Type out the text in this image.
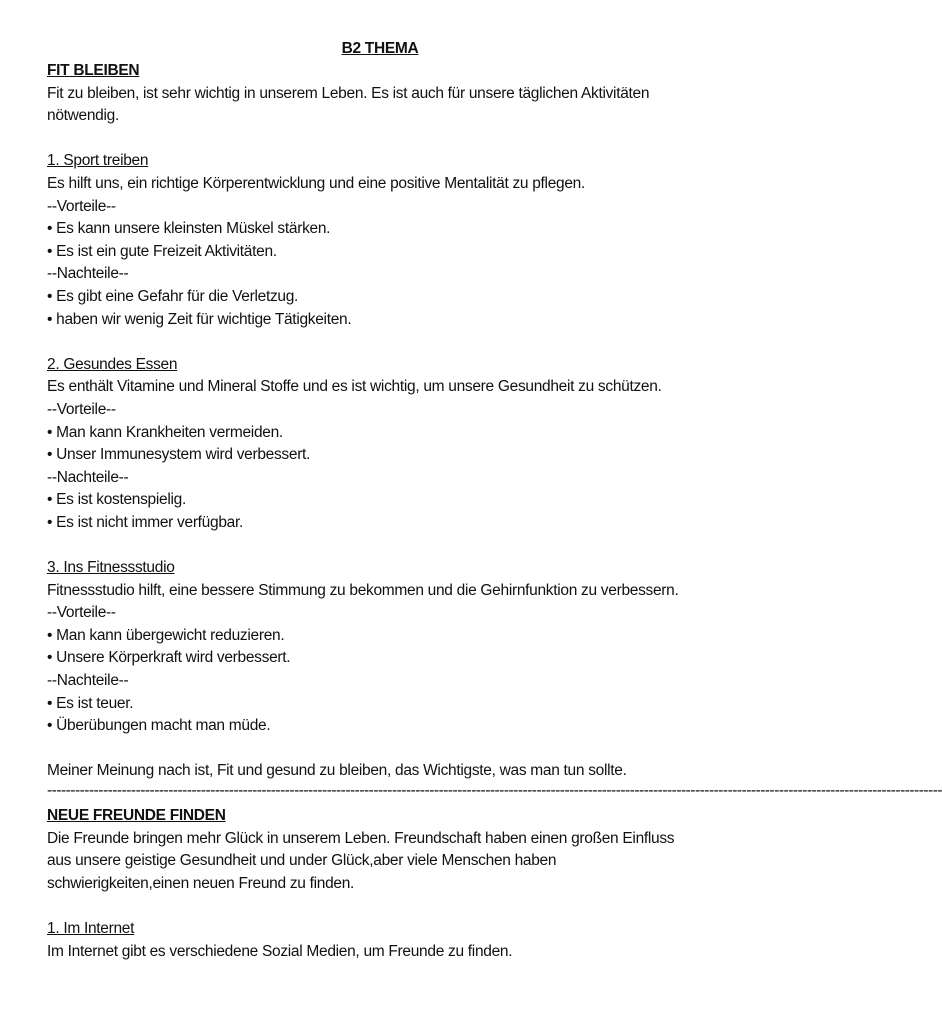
B2 THEMA
FIT BLEIBEN
Fit zu bleiben, ist sehr wichtig in unserem Leben. Es ist auch für unsere täglichen Aktivitäten
nötwendig.
1. Sport treiben
Es hilft uns, ein richtige Körperentwicklung und eine positive Mentalität zu pflegen.
--Vorteile--
• Es kann unsere kleinsten Müskel stärken.
• Es ist ein gute Freizeit Aktivitäten.
--Nachteile--
• Es gibt eine Gefahr für die Verletzug.
• haben wir wenig Zeit für wichtige Tätigkeiten.
2. Gesundes Essen
Es enthält Vitamine und Mineral Stoffe und es ist wichtig, um unsere Gesundheit zu schützen.
--Vorteile--
• Man kann Krankheiten vermeiden.
• Unser Immunesystem wird verbessert.
--Nachteile--
• Es ist kostenspielig.
• Es ist nicht immer verfügbar.
3. Ins Fitnessstudio
Fitnessstudio hilft, eine bessere Stimmung zu bekommen und die Gehirnfunktion zu verbessern.
--Vorteile--
• Man kann übergewicht reduzieren.
• Unsere Körperkraft wird verbessert.
--Nachteile--
• Es ist teuer.
• Überübungen macht man müde.
Meiner Meinung nach ist, Fit und gesund zu bleiben, das Wichtigste, was man tun sollte.
------------------------------------------------------------------------------------------------------------------------------------------------------------------------------------------------
NEUE FREUNDE FINDEN
Die Freunde bringen mehr Glück in unserem Leben. Freundschaft haben einen großen Einfluss
aus unsere geistige Gesundheit und under Glück,aber viele Menschen haben
schwierigkeiten,einen neuen Freund zu finden.
1. Im Internet
Im Internet gibt es verschiedene Sozial Medien, um Freunde zu finden.
